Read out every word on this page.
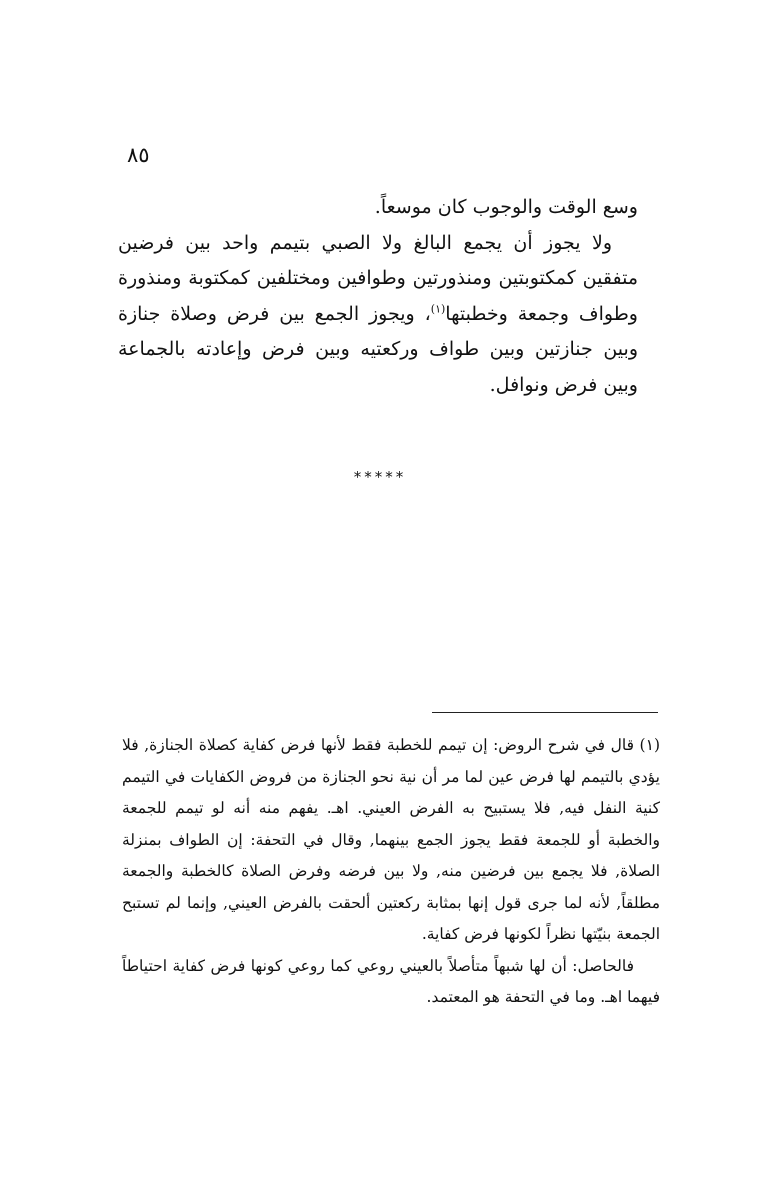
٨٥

وسع الوقت والوجوب كان موسعاً.

ولا يجوز أن يجمع البالغ ولا الصبي بتيمم واحد بين فرضين متفقين كمكتوبتين ومنذورتين وطوافين ومختلفين كمكتوبة ومنذورة وطواف وجمعة وخطبتها$^{(١)}$، ويجوز الجمع بين فرض وصلاة جنازة وبين جنازتين وبين طواف وركعتيه وبين فرض وإعادته بالجماعة وبين فرض ونوافل.

*****

(١) قال في شرح الروض: إن تيمم للخطبة فقط لأنها فرض كفاية كصلاة الجنازة, فلا يؤدي بالتيمم لها فرض عين لما مر أن نية نحو الجنازة من فروض الكفايات في التيمم كنية النفل فيه, فلا يستبيح به الفرض العيني. اهـ. يفهم منه أنه لو تيمم للجمعة والخطبة أو للجمعة فقط يجوز الجمع بينهما, وقال في التحفة: إن الطواف بمنزلة الصلاة, فلا يجمع بين فرضين منه, ولا بين فرضه وفرض الصلاة كالخطبة والجمعة مطلقاً, لأنه لما جرى قول إنها بمثابة ركعتين ألحقت بالفرض العيني, وإنما لم تستبح الجمعة بنيّتها نظراً لكونها فرض كفاية.

فالحاصل: أن لها شبهاً متأصلاً بالعيني روعي كما روعي كونها فرض كفاية احتياطاً فيهما اهـ. وما في التحفة هو المعتمد.
